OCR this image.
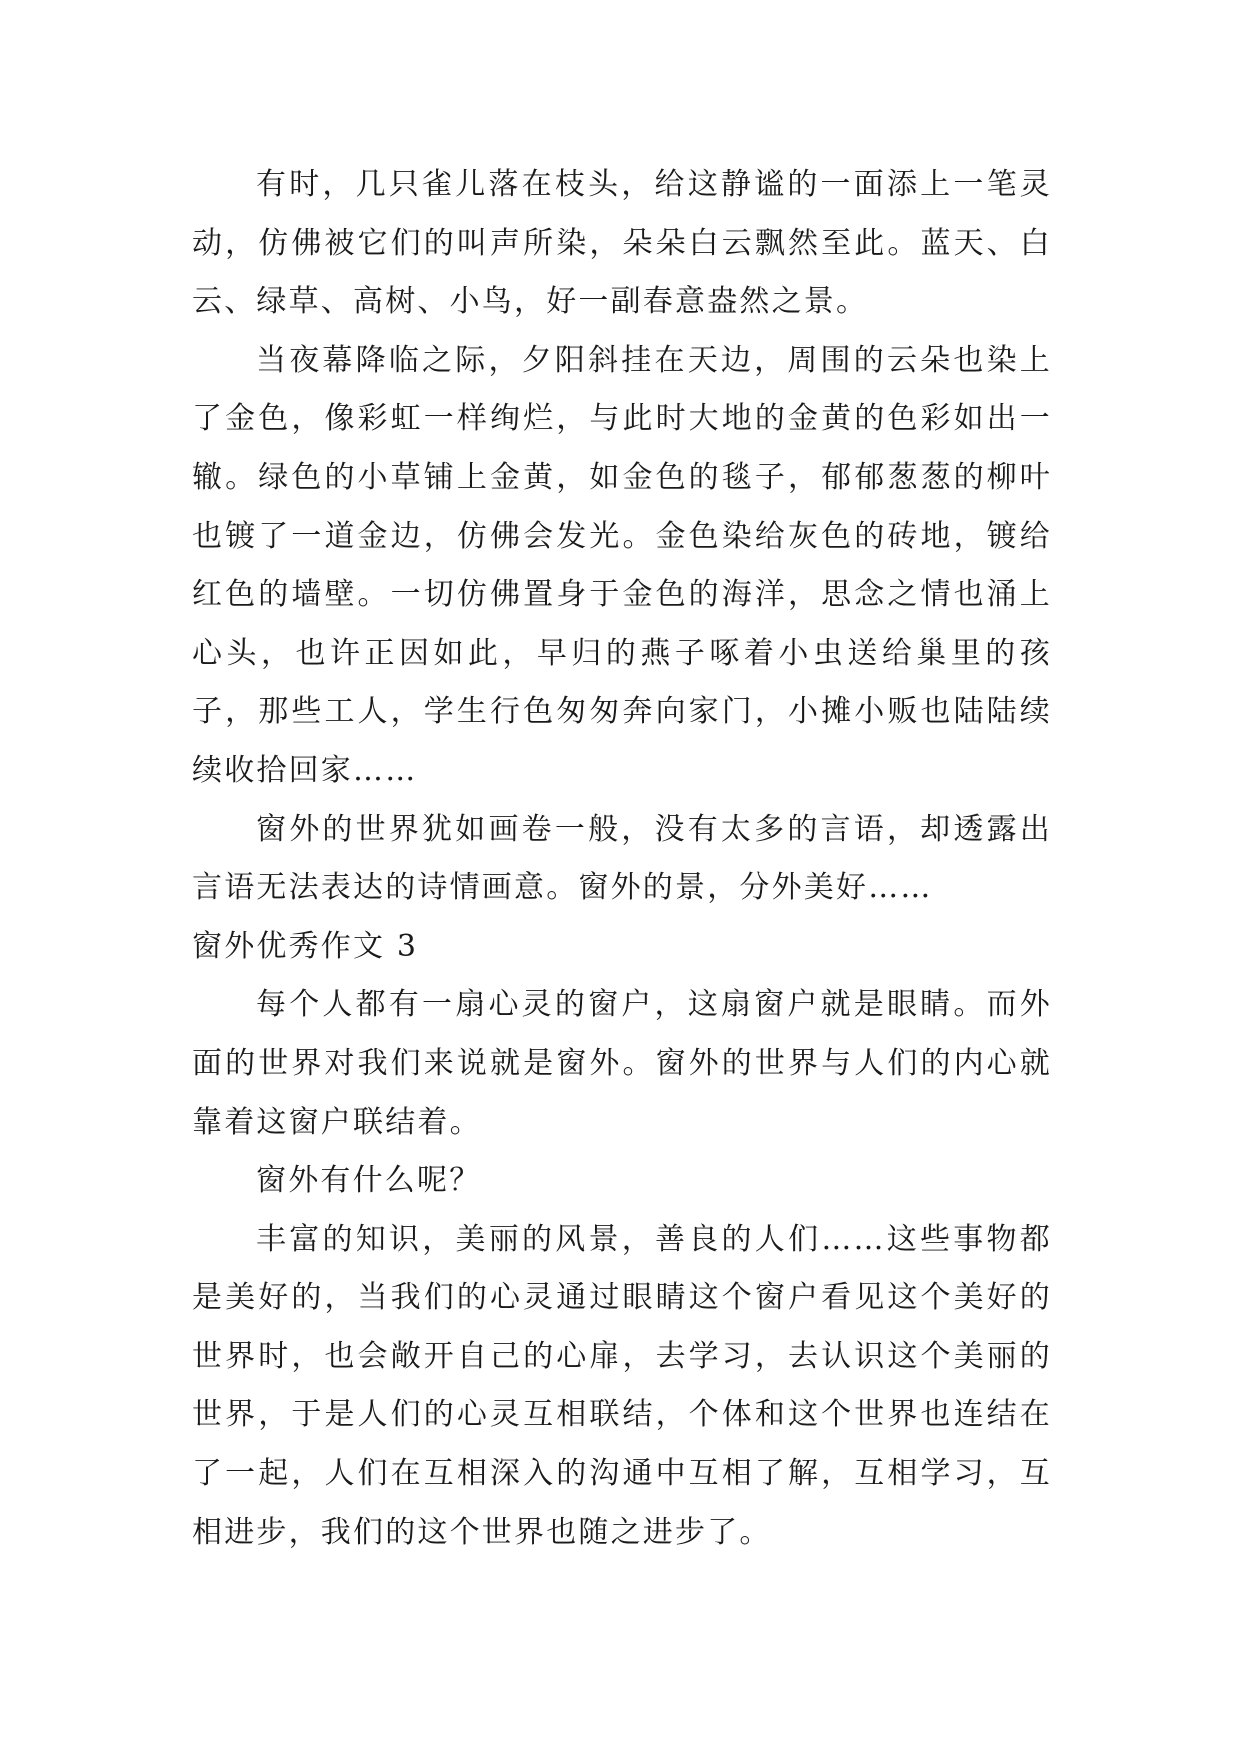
有时，几只雀儿落在枝头，给这静谧的一面添上一笔灵动，仿佛被它们的叫声所染，朵朵白云飘然至此。蓝天、白云、绿草、高树、小鸟，好一副春意盎然之景。

当夜幕降临之际，夕阳斜挂在天边，周围的云朵也染上了金色，像彩虹一样绚烂，与此时大地的金黄的色彩如出一辙。绿色的小草铺上金黄，如金色的毯子，郁郁葱葱的柳叶也镀了一道金边，仿佛会发光。金色染给灰色的砖地，镀给红色的墙壁。一切仿佛置身于金色的海洋，思念之情也涌上心头，也许正因如此，早归的燕子啄着小虫送给巢里的孩子，那些工人，学生行色匆匆奔向家门，小摊小贩也陆陆续续收拾回家……

窗外的世界犹如画卷一般，没有太多的言语，却透露出言语无法表达的诗情画意。窗外的景，分外美好……

窗外优秀作文 3

每个人都有一扇心灵的窗户，这扇窗户就是眼睛。而外面的世界对我们来说就是窗外。窗外的世界与人们的内心就靠着这窗户联结着。

窗外有什么呢？

丰富的知识，美丽的风景，善良的人们……这些事物都是美好的，当我们的心灵通过眼睛这个窗户看见这个美好的世界时，也会敞开自己的心扉，去学习，去认识这个美丽的世界，于是人们的心灵互相联结，个体和这个世界也连结在了一起，人们在互相深入的沟通中互相了解，互相学习，互相进步，我们的这个世界也随之进步了。
